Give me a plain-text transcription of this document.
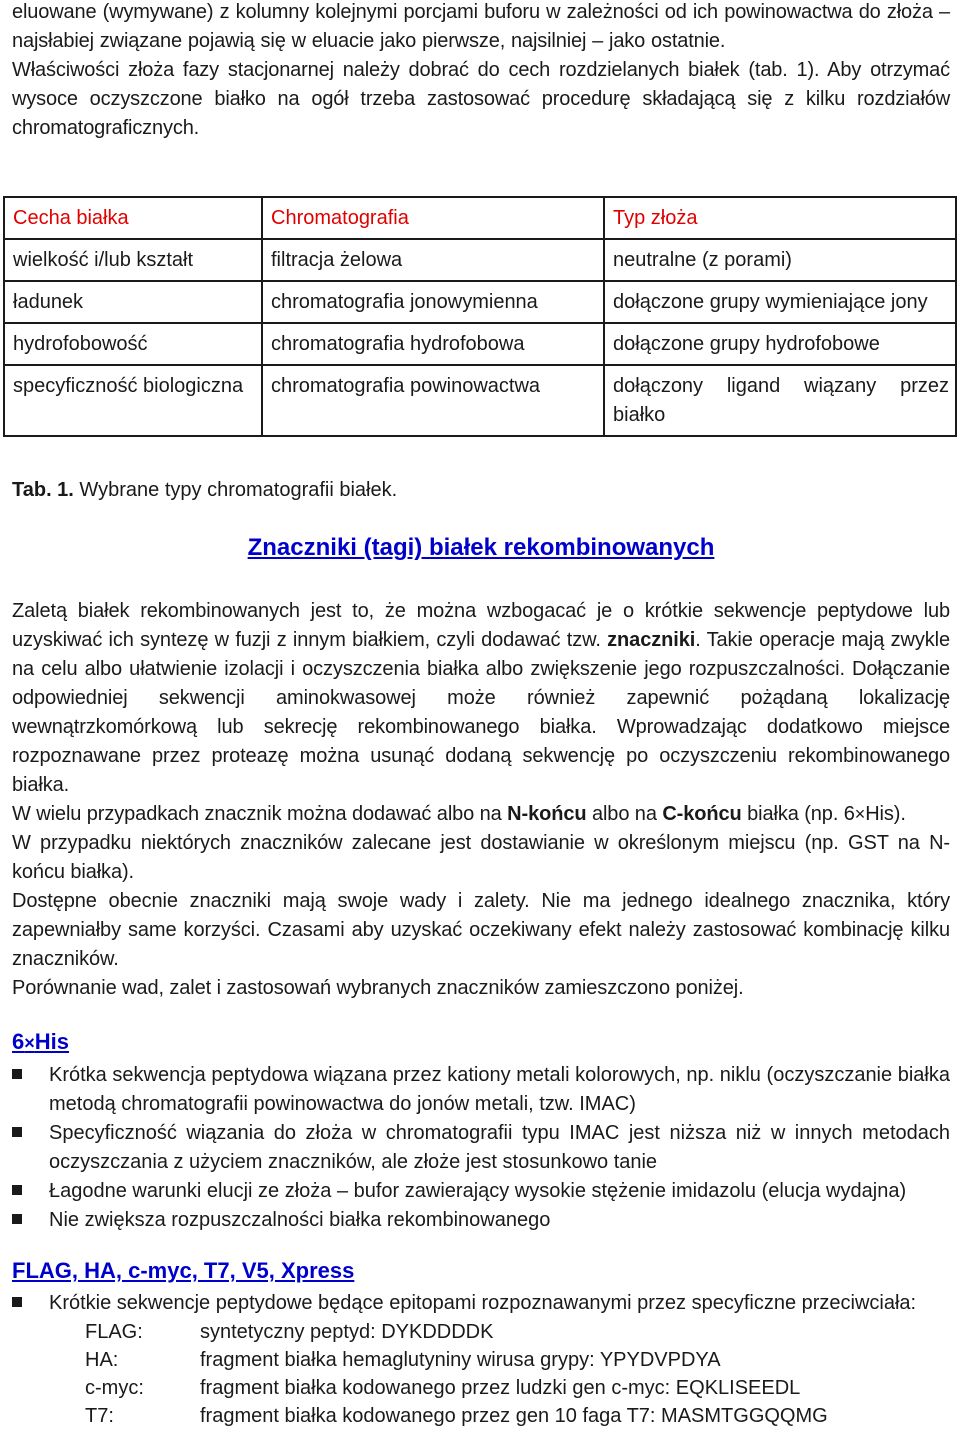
eluowane (wymywane) z kolumny kolejnymi porcjami buforu w zależności od ich powinowactwa do złoża – najsłabiej związane pojawią się w eluacie jako pierwsze, najsilniej – jako ostatnie.

Właściwości złoża fazy stacjonarnej należy dobrać do cech rozdzielanych białek (tab. 1). Aby otrzymać wysoce oczyszczone białko na ogół trzeba zastosować procedurę składającą się z kilku rozdziałów chromatograficznych.

Cecha białka	Chromatografia	Typ złoża
wielkość i/lub kształt	filtracja żelowa	neutralne (z porami)
ładunek	chromatografia jonowymienna	dołączone grupy wymieniające jony
hydrofobowość	chromatografia hydrofobowa	dołączone grupy hydrofobowe
specyficzność biologiczna	chromatografia powinowactwa	dołączony ligand wiązany przez białko
Tab. 1. Wybrane typy chromatografii białek.
Znaczniki (tagi) białek rekombinowanych

Zaletą białek rekombinowanych jest to, że można wzbogacać je o krótkie sekwencje peptydowe lub uzyskiwać ich syntezę w fuzji z innym białkiem, czyli dodawać tzw. znaczniki. Takie operacje mają zwykle na celu albo ułatwienie izolacji i oczyszczenia białka albo zwiększenie jego rozpuszczalności. Dołączanie odpowiedniej sekwencji aminokwasowej może również zapewnić pożądaną lokalizację wewnątrzkomórkową lub sekrecję rekombinowanego białka. Wprowadzając dodatkowo miejsce rozpoznawane przez proteazę można usunąć dodaną sekwencję po oczyszczeniu rekombinowanego białka.

W wielu przypadkach znacznik można dodawać albo na N-końcu albo na C-końcu białka (np. 6×His).

W przypadku niektórych znaczników zalecane jest dostawianie w określonym miejscu (np. GST na N-końcu białka).

Dostępne obecnie znaczniki mają swoje wady i zalety. Nie ma jednego idealnego znacznika, który zapewniałby same korzyści. Czasami aby uzyskać oczekiwany efekt należy zastosować kombinację kilku znaczników.

Porównanie wad, zalet i zastosowań wybranych znaczników zamieszczono poniżej.

6×His
Krótka sekwencja peptydowa wiązana przez kationy metali kolorowych, np. niklu (oczyszczanie białka metodą chromatografii powinowactwa do jonów metali, tzw. IMAC)
Specyficzność wiązania do złoża w chromatografii typu IMAC jest niższa niż w innych metodach oczyszczania z użyciem znaczników, ale złoże jest stosunkowo tanie
Łagodne warunki elucji ze złoża – bufor zawierający wysokie stężenie imidazolu (elucja wydajna)
Nie zwiększa rozpuszczalności białka rekombinowanego
FLAG, HA, c-myc, T7, V5, Xpress
Krótkie sekwencje peptydowe będące epitopami rozpoznawanymi przez specyficzne przeciwciała:
FLAG:	syntetyczny peptyd: DYKDDDDK
HA:	fragment białka hemaglutyniny wirusa grypy: YPYDVPDYA
c-myc:	fragment białka kodowanego przez ludzki gen c-myc: EQKLISEEDL
T7:	fragment białka kodowanego przez gen 10 faga T7: MASMTGGQQMG
